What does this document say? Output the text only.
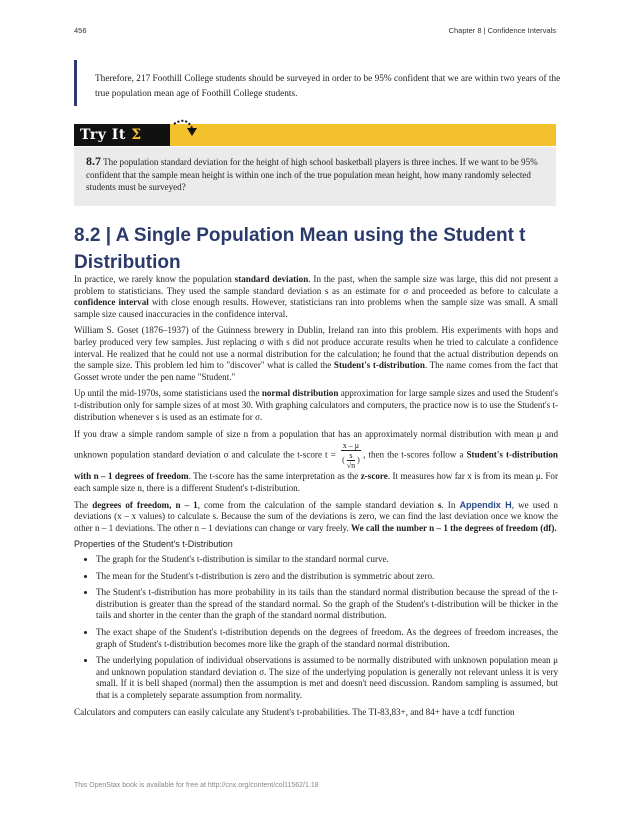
456	Chapter 8 | Confidence Intervals
Therefore, 217 Foothill College students should be surveyed in order to be 95% confident that we are within two years of the true population mean age of Foothill College students.
Try It Σ
8.7 The population standard deviation for the height of high school basketball players is three inches. If we want to be 95% confident that the sample mean height is within one inch of the true population mean height, how many randomly selected students must be surveyed?
8.2 | A Single Population Mean using the Student t Distribution

In practice, we rarely know the population standard deviation. In the past, when the sample size was large, this did not present a problem to statisticians. They used the sample standard deviation s as an estimate for σ and proceeded as before to calculate a confidence interval with close enough results. However, statisticians ran into problems when the sample size was small. A small sample size caused inaccuracies in the confidence interval.

William S. Goset (1876–1937) of the Guinness brewery in Dublin, Ireland ran into this problem. His experiments with hops and barley produced very few samples. Just replacing σ with s did not produce accurate results when he tried to calculate a confidence interval. He realized that he could not use a normal distribution for the calculation; he found that the actual distribution depends on the sample size. This problem led him to "discover" what is called the Student's t-distribution. The name comes from the fact that Gosset wrote under the pen name "Student."

Up until the mid-1970s, some statisticians used the normal distribution approximation for large sample sizes and used the Student's t-distribution only for sample sizes of at most 30. With graphing calculators and computers, the practice now is to use the Student's t-distribution whenever s is used as an estimate for σ.

If you draw a simple random sample of size n from a population that has an approximately normal distribution with mean μ and unknown population standard deviation σ and calculate the t-score $t = \frac{x - \mu}{( \frac{s}{√n} )}$ , then the t-scores follow a Student's t-distribution with n – 1 degrees of freedom. The t-score has the same interpretation as the z-score. It measures how far x is from its mean μ. For each sample size n, there is a different Student's t-distribution.

The degrees of freedom, n – 1, come from the calculation of the sample standard deviation s. In Appendix H, we used n deviations (x – x values) to calculate s. Because the sum of the deviations is zero, we can find the last deviation once we know the other n – 1 deviations. The other n – 1 deviations can change or vary freely. We call the number n – 1 the degrees of freedom (df).

Properties of the Student's t-Distribution
• The graph for the Student's t-distribution is similar to the standard normal curve.
• The mean for the Student's t-distribution is zero and the distribution is symmetric about zero.
• The Student's t-distribution has more probability in its tails than the standard normal distribution because the spread of the t-distribution is greater than the spread of the standard normal. So the graph of the Student's t-distribution will be thicker in the tails and shorter in the center than the graph of the standard normal distribution.
• The exact shape of the Student's t-distribution depends on the degrees of freedom. As the degrees of freedom increases, the graph of Student's t-distribution becomes more like the graph of the standard normal distribution.
• The underlying population of individual observations is assumed to be normally distributed with unknown population mean μ and unknown population standard deviation σ. The size of the underlying population is generally not relevant unless it is very small. If it is bell shaped (normal) then the assumption is met and doesn't need discussion. Random sampling is assumed, but that is a completely separate assumption from normality.

Calculators and computers can easily calculate any Student's t-probabilities. The TI-83,83+, and 84+ have a tcdf function

This OpenStax book is available for free at http://cnx.org/content/col11562/1.18
